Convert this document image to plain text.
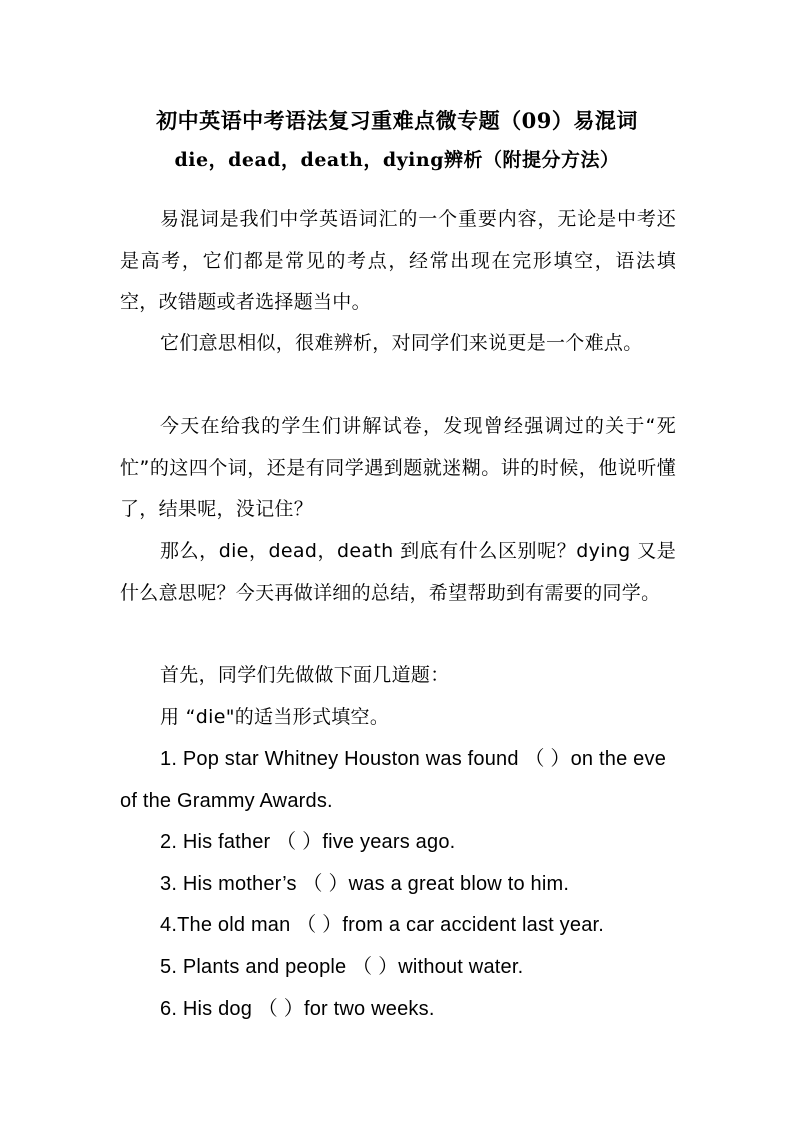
初中英语中考语法复习重难点微专题（09）易混词
die，dead，death，dying辨析（附提分方法）

易混词是我们中学英语词汇的一个重要内容，无论是中考还是高考，它们都是常见的考点，经常出现在完形填空，语法填空，改错题或者选择题当中。

它们意思相似，很难辨析，对同学们来说更是一个难点。

今天在给我的学生们讲解试卷，发现曾经强调过的关于“死忙”的这四个词，还是有同学遇到题就迷糊。讲的时候，他说听懂了，结果呢，没记住？

那么，die，dead，death 到底有什么区别呢？dying 又是什么意思呢？今天再做详细的总结，希望帮助到有需要的同学。

首先，同学们先做做下面几道题：

用 “die"的适当形式填空。

1. Pop star Whitney Houston was found （ ）on the eve of the Grammy Awards.

2. His father （ ）five years ago.

3. His mother’s （ ）was a great blow to him.

4.The old man （ ）from a car accident last year.

5. Plants and people （ ）without water.

6. His dog （ ）for two weeks.
